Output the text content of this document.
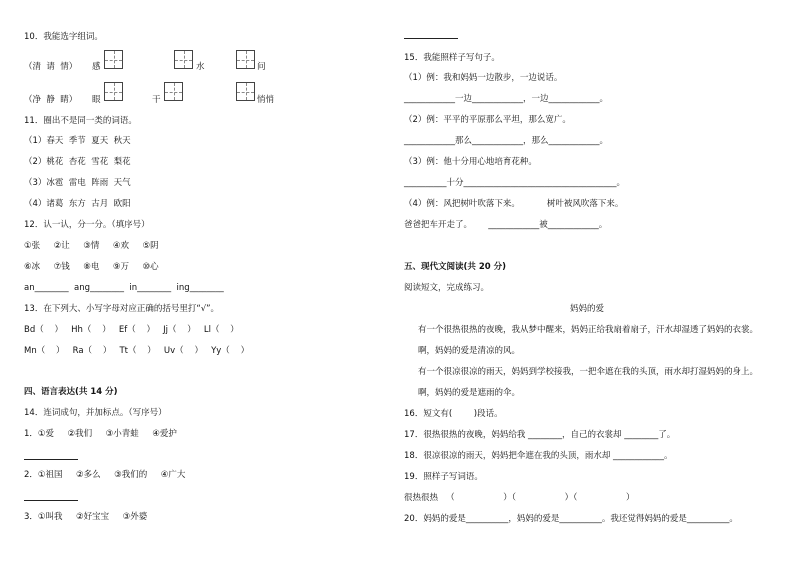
10．我能选字组词。
（清  请  情） 感	水	问
（净  静  睛） 眼	干	悄悄
11．圈出不是同一类的词语。
（1）春天  季节  夏天  秋天
（2）桃花  杏花  雪花  梨花
（3）冰雹  雷电  阵雨  天气
（4）诸葛  东方  古月  欧阳
12．认一认，分一分。（填序号）
①张     ②让     ③情     ④欢     ⑤阴
⑥冰     ⑦钱     ⑧电     ⑨万     ⑩心
an________  ang________  in________  ing________
13．在下列大、小写字母对应正确的括号里打“√”。
Bd（    ）   Hh（    ）   Ef（    ）   Jj（    ）   Ll（    ）
Mn（    ）   Ra（    ）   Tt（    ）   Uv（    ）   Yy（    ）
四、语言表达(共 14 分)
14．连词成句，并加标点。（写序号）
1．①爱     ②我们     ③小青蛙     ④爱护
2．①祖国     ②多么     ③我们的     ④广大
3．①叫我     ②好宝宝     ③外婆
15．我能照样子写句子。
（1）例：我和妈妈一边散步，一边说话。
____________一边____________，一边____________。
（2）例：平平的平原那么平坦，那么宽广。
____________那么____________，那么____________。
（3）例：他十分用心地培育花种。
__________十分____________________________________。
（4）例：风把树叶吹落下来。          树叶被风吹落下来。
爸爸把车开走了。      ____________被____________。
五、现代文阅读(共 20 分)
阅读短文，完成练习。
妈妈的爱
有一个很热很热的夜晚，我从梦中醒来，妈妈正给我扇着扇子，汗水却湿透了妈妈的衣裳。
啊，妈妈的爱是清凉的风。
有一个很凉很凉的雨天，妈妈到学校接我，一把伞遮在我的头顶，雨水却打湿妈妈的身上。
啊，妈妈的爱是遮雨的伞。
16．短文有(        )段话。
17．很热很热的夜晚，妈妈给我 ________，自己的衣裳却 ________了。
18．很凉很凉的雨天，妈妈把伞遮在我的头顶，雨水却 ____________。
19．照样子写词语。
很热很热   （                  ）（                  ）（                  ）
20．妈妈的爱是__________，妈妈的爱是__________。我还觉得妈妈的爱是__________。
